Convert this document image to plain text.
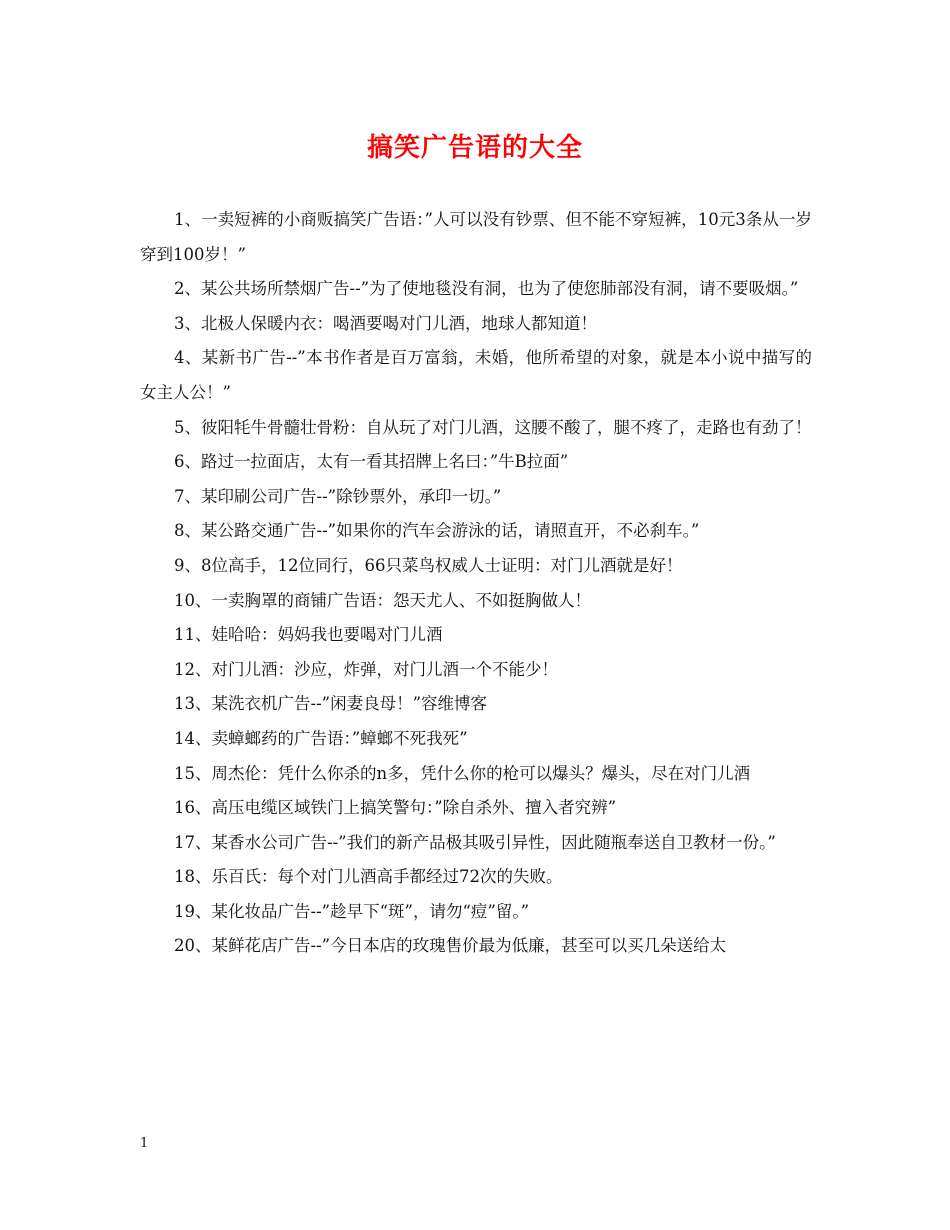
搞笑广告语的大全

1、一卖短裤的小商贩搞笑广告语：”人可以没有钞票、但不能不穿短裤，10元3条从一岁穿到100岁！”

2、某公共场所禁烟广告--”为了使地毯没有洞，也为了使您肺部没有洞，请不要吸烟。”

3、北极人保暖内衣：喝酒要喝对门儿酒，地球人都知道！

4、某新书广告--”本书作者是百万富翁，未婚，他所希望的对象，就是本小说中描写的女主人公！”

5、彼阳牦牛骨髓壮骨粉：自从玩了对门儿酒，这腰不酸了，腿不疼了，走路也有劲了！

6、路过一拉面店，太有一看其招牌上名曰：”牛B拉面”

7、某印刷公司广告--”除钞票外，承印一切。”

8、某公路交通广告--”如果你的汽车会游泳的话，请照直开，不必刹车。”

9、8位高手，12位同行，66只菜鸟权威人士证明：对门儿酒就是好！

10、一卖胸罩的商铺广告语：怨天尤人、不如挺胸做人！

11、娃哈哈：妈妈我也要喝对门儿酒

12、对门儿酒：沙应，炸弹，对门儿酒一个不能少！

13、某洗衣机广告--”闲妻良母！”容维博客

14、卖蟑螂药的广告语：”蟑螂不死我死”

15、周杰伦：凭什么你杀的n多，凭什么你的枪可以爆头？爆头，尽在对门儿酒

16、高压电缆区域铁门上搞笑警句：”除自杀外、擅入者究辨”

17、某香水公司广告--”我们的新产品极其吸引异性，因此随瓶奉送自卫教材一份。”

18、乐百氏：每个对门儿酒高手都经过72次的失败。

19、某化妆品广告--”趁早下“斑”，请勿“痘”留。”

20、某鲜花店广告--”今日本店的玫瑰售价最为低廉，甚至可以买几朵送给太

1
